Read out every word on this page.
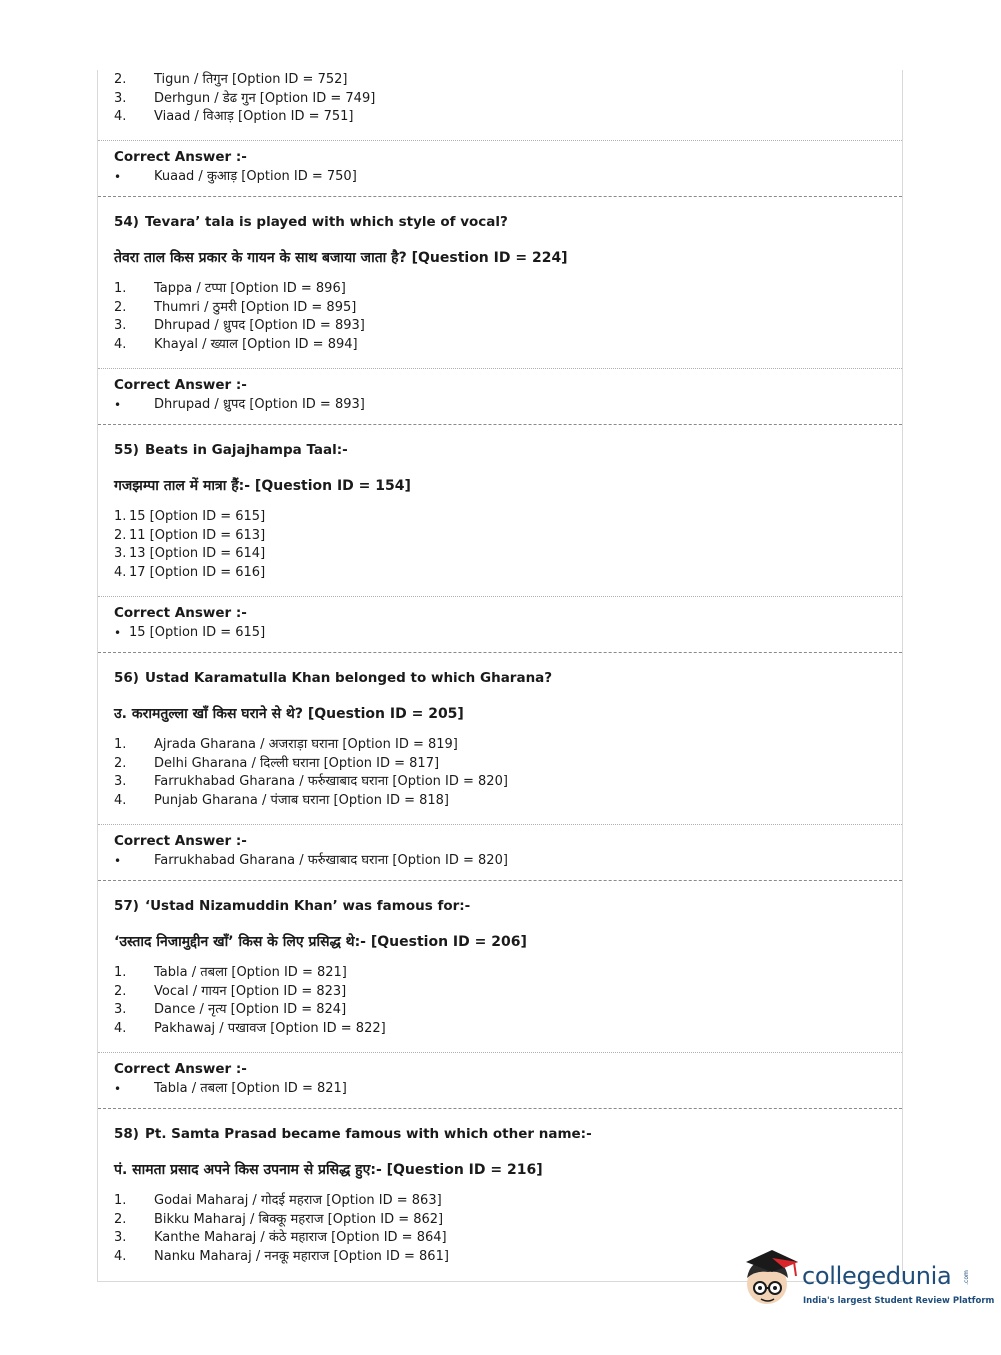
2. Tigun / तिगुन [Option ID = 752]
3. Derhgun / डेढ गुन [Option ID = 749]
4. Viaad / विआड़ [Option ID = 751]
Correct Answer :-
•	Kuaad / कुआड़ [Option ID = 750]
54) Tevara’ tala is played with which style of vocal?
तेवरा ताल किस प्रकार के गायन के साथ बजाया जाता है? [Question ID = 224]
1. Tappa / टप्पा [Option ID = 896]
2. Thumri / ठुमरी [Option ID = 895]
3. Dhrupad / ध्रुपद [Option ID = 893]
4. Khayal / ख्याल [Option ID = 894]
Correct Answer :-
•	Dhrupad / ध्रुपद [Option ID = 893]
55) Beats in Gajajhampa Taal:-
गजझम्पा ताल में मात्रा हैं:- [Question ID = 154]
1. 15 [Option ID = 615]
2. 11 [Option ID = 613]
3. 13 [Option ID = 614]
4. 17 [Option ID = 616]
Correct Answer :-
• 15 [Option ID = 615]
56) Ustad Karamatulla Khan belonged to which Gharana?
उ. करामतुल्ला खाँ किस घराने से थे? [Question ID = 205]
1. Ajrada Gharana / अजराड़ा घराना [Option ID = 819]
2. Delhi Gharana / दिल्ली घराना [Option ID = 817]
3. Farrukhabad Gharana / फर्रुखाबाद घराना [Option ID = 820]
4. Punjab Gharana / पंजाब घराना [Option ID = 818]
Correct Answer :-
•	Farrukhabad Gharana / फर्रुखाबाद घराना [Option ID = 820]
57) ‘Ustad Nizamuddin Khan’ was famous for:-
‘उस्ताद निजामुद्दीन खाँ’ किस के लिए प्रसिद्ध थे:- [Question ID = 206]
1. Tabla / तबला [Option ID = 821]
2. Vocal / गायन [Option ID = 823]
3. Dance / नृत्य [Option ID = 824]
4. Pakhawaj / पखावज [Option ID = 822]
Correct Answer :-
•	Tabla / तबला [Option ID = 821]
58) Pt. Samta Prasad became famous with which other name:-
पं. सामता प्रसाद अपने किस उपनाम से प्रसिद्ध हुए:- [Question ID = 216]
1. Godai Maharaj / गोदई महराज [Option ID = 863]
2. Bikku Maharaj / बिक्कू महराज [Option ID = 862]
3. Kanthe Maharaj / कंठे महाराज [Option ID = 864]
4. Nanku Maharaj / ननकू महाराज [Option ID = 861]
collegedunia .com
India's largest Student Review Platform
